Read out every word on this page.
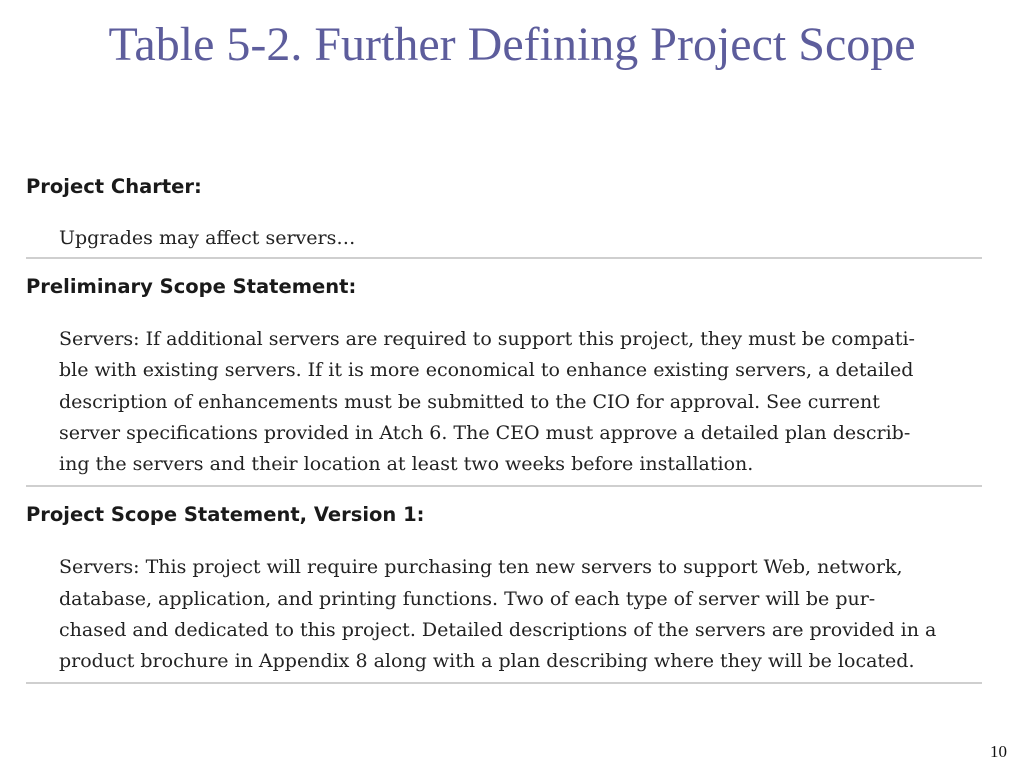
Table 5-2. Further Defining Project Scope

Project Charter:

Upgrades may affect servers…

Preliminary Scope Statement:

Servers: If additional servers are required to support this project, they must be compati-
ble with existing servers. If it is more economical to enhance existing servers, a detailed
description of enhancements must be submitted to the CIO for approval. See current
server specifications provided in Atch 6. The CEO must approve a detailed plan describ-
ing the servers and their location at least two weeks before installation.

Project Scope Statement, Version 1:

Servers: This project will require purchasing ten new servers to support Web, network,
database, application, and printing functions. Two of each type of server will be pur-
chased and dedicated to this project. Detailed descriptions of the servers are provided in a
product brochure in Appendix 8 along with a plan describing where they will be located.

10
